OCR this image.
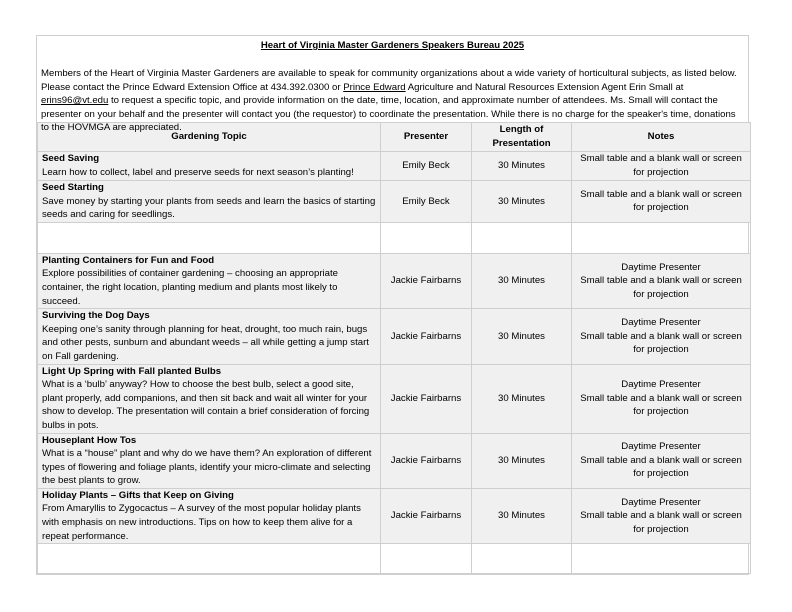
Heart of Virginia Master Gardeners Speakers Bureau 2025
Members of the Heart of Virginia Master Gardeners are available to speak for community organizations about a wide variety of horticultural subjects, as listed below. Please contact the Prince Edward Extension Office at 434.392.0300 or Prince Edward Agriculture and Natural Resources Extension Agent Erin Small at erins96@vt.edu to request a specific topic, and provide information on the date, time, location, and approximate number of attendees. Ms. Small will contact the presenter on your behalf and the presenter will contact you (the requestor) to coordinate the presentation. While there is no charge for the speaker's time, donations to the HOVMGA are appreciated.
Gardening Topic	Presenter	Length of Presentation	Notes

Seed Saving
Learn how to collect, label and preserve seeds for next season’s planting!	Emily Beck	30 Minutes	Small table and a blank wall or screen for projection

Seed Starting
Save money by starting your plants from seeds and learn the basics of starting seeds and caring for seedlings.	Emily Beck	30 Minutes	Small table and a blank wall or screen for projection

Planting Containers for Fun and Food
Explore possibilities of container gardening – choosing an appropriate container, the right location, planting medium and plants most likely to succeed.	Jackie Fairbarns	30 Minutes	Daytime Presenter
Small table and a blank wall or screen for projection

Surviving the Dog Days
Keeping one’s sanity through planning for heat, drought, too much rain, bugs and other pests, sunburn and abundant weeds – all while getting a jump start on Fall gardening.	Jackie Fairbarns	30 Minutes	Daytime Presenter
Small table and a blank wall or screen for projection

Light Up Spring with Fall planted Bulbs
What is a ‘bulb’ anyway? How to choose the best bulb, select a good site, plant properly, add companions, and then sit back and wait all winter for your show to develop. The presentation will contain a brief consideration of forcing bulbs in pots.	Jackie Fairbarns	30 Minutes	Daytime Presenter
Small table and a blank wall or screen for projection

Houseplant How Tos
What is a “house” plant and why do we have them? An exploration of different types of flowering and foliage plants, identify your micro-climate and selecting the best plants to grow.	Jackie Fairbarns	30 Minutes	Daytime Presenter
Small table and a blank wall or screen for projection

Holiday Plants – Gifts that Keep on Giving
From Amaryllis to Zygocactus – A survey of the most popular holiday plants with emphasis on new introductions. Tips on how to keep them alive for a repeat performance.	Jackie Fairbarns	30 Minutes	Daytime Presenter
Small table and a blank wall or screen for projection
